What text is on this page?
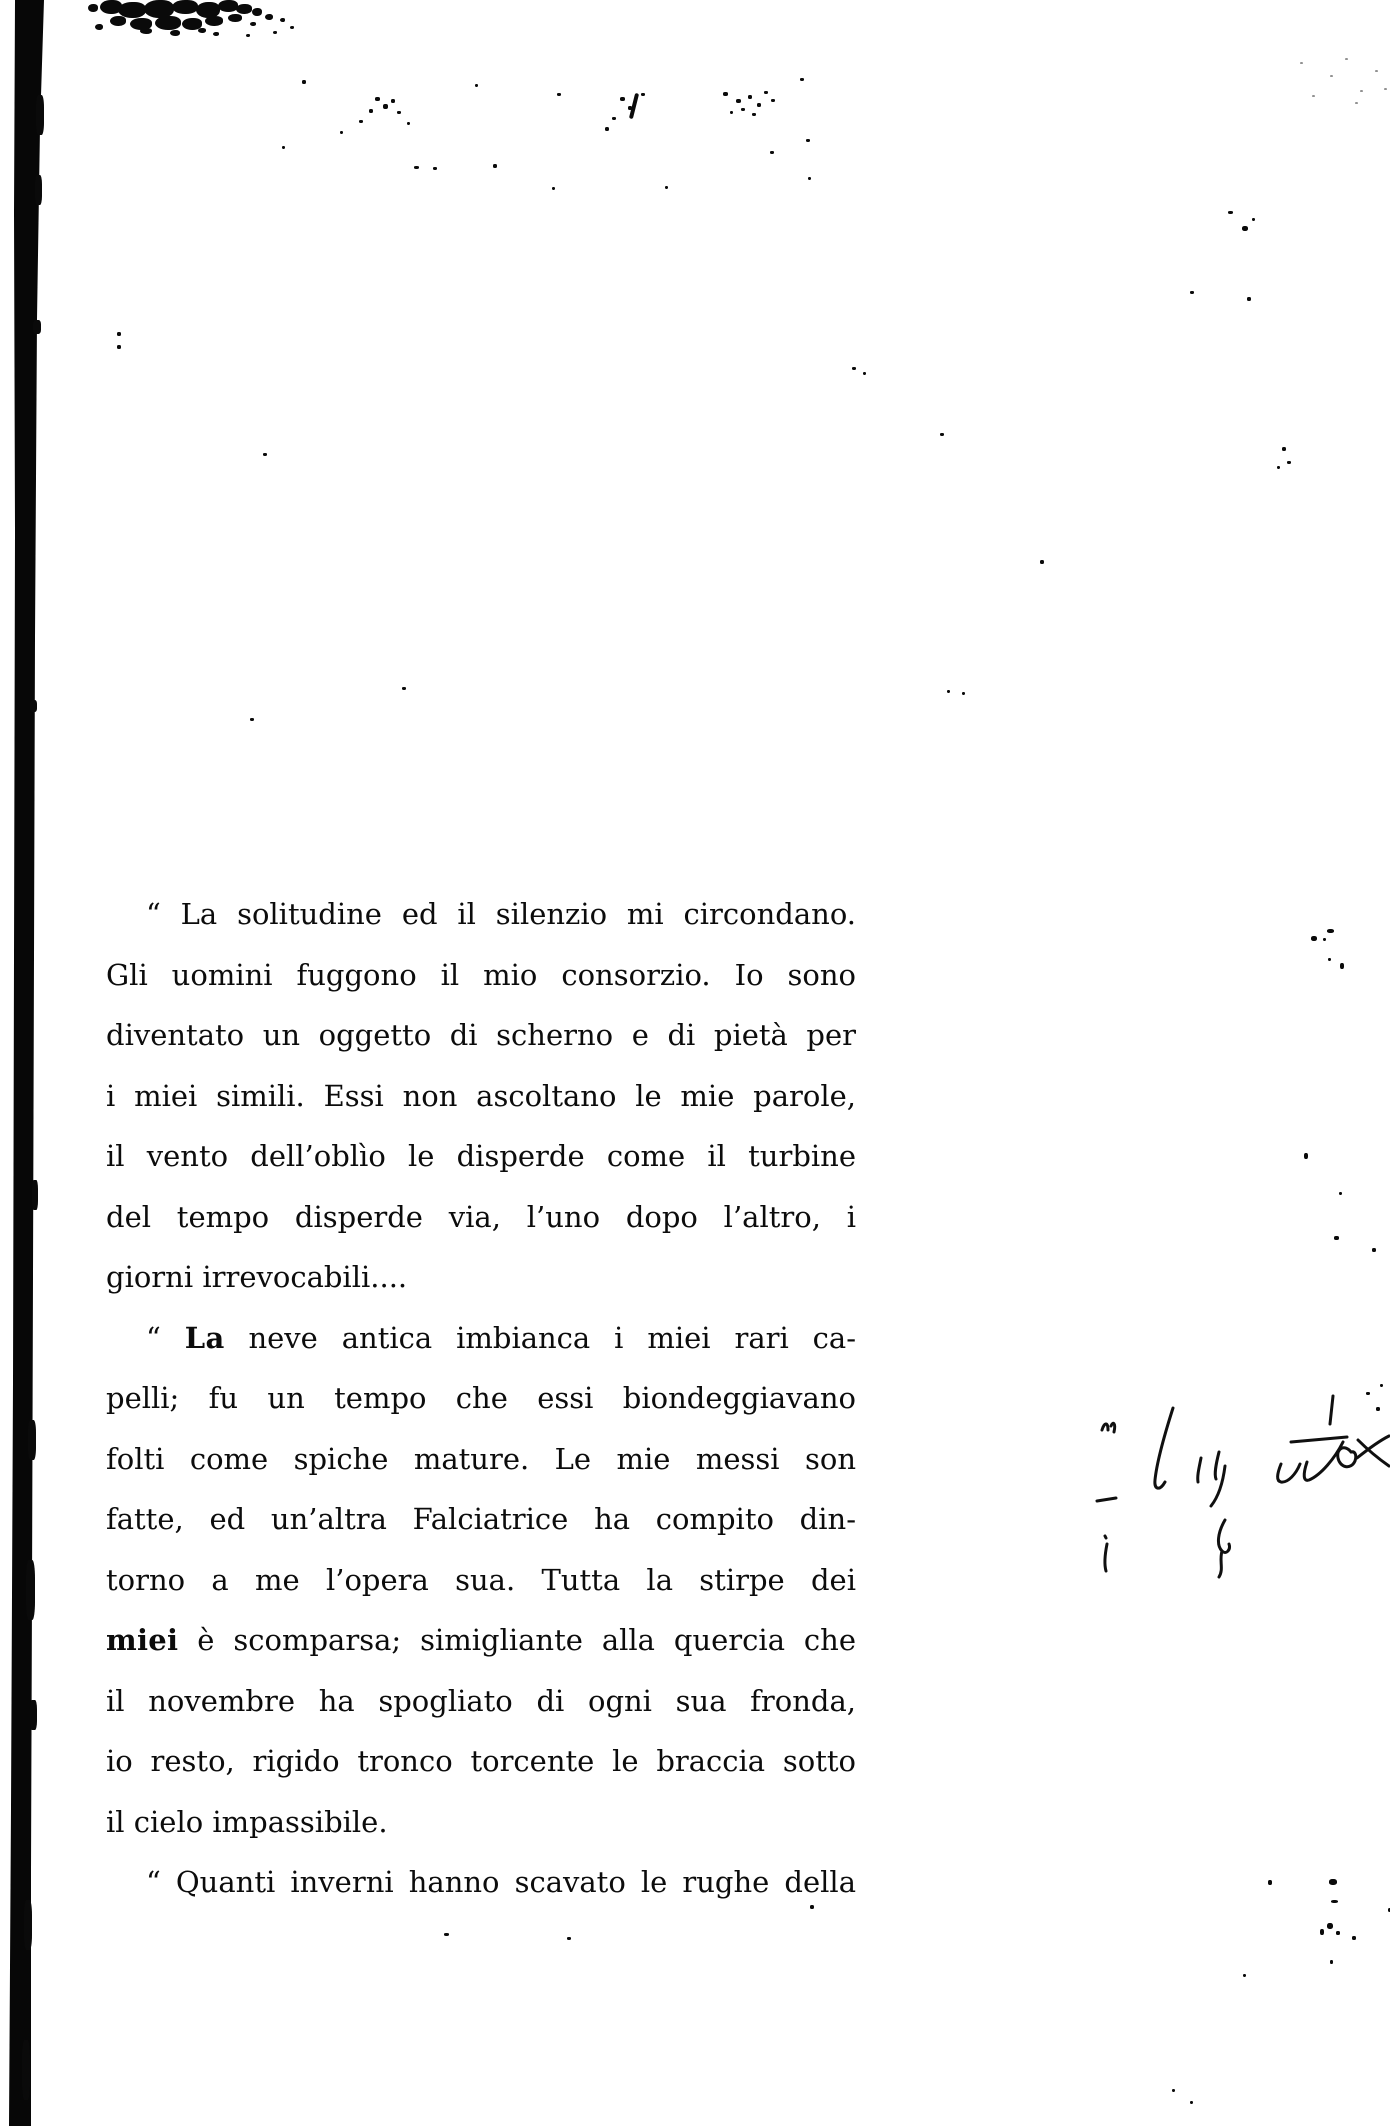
“ La solitudine ed il silenzio mi circondano.
Gli uomini fuggono il mio consorzio. Io sono
diventato un oggetto di scherno e di pietà per
i miei simili. Essi non ascoltano le mie parole,
il vento dell’oblìo le disperde come il turbine
del tempo disperde via, l’uno dopo l’altro, i
giorni irrevocabili....
“ La neve antica imbianca i miei rari ca-
pelli; fu un tempo che essi biondeggiavano
folti come spiche mature. Le mie messi son
fatte, ed un’altra Falciatrice ha compito din-
torno a me l’opera sua. Tutta la stirpe dei
miei è scomparsa; simigliante alla quercia che
il novembre ha spogliato di ogni sua fronda,
io resto, rigido tronco torcente le braccia sotto
il cielo impassibile.
“ Quanti inverni hanno scavato le rughe della
